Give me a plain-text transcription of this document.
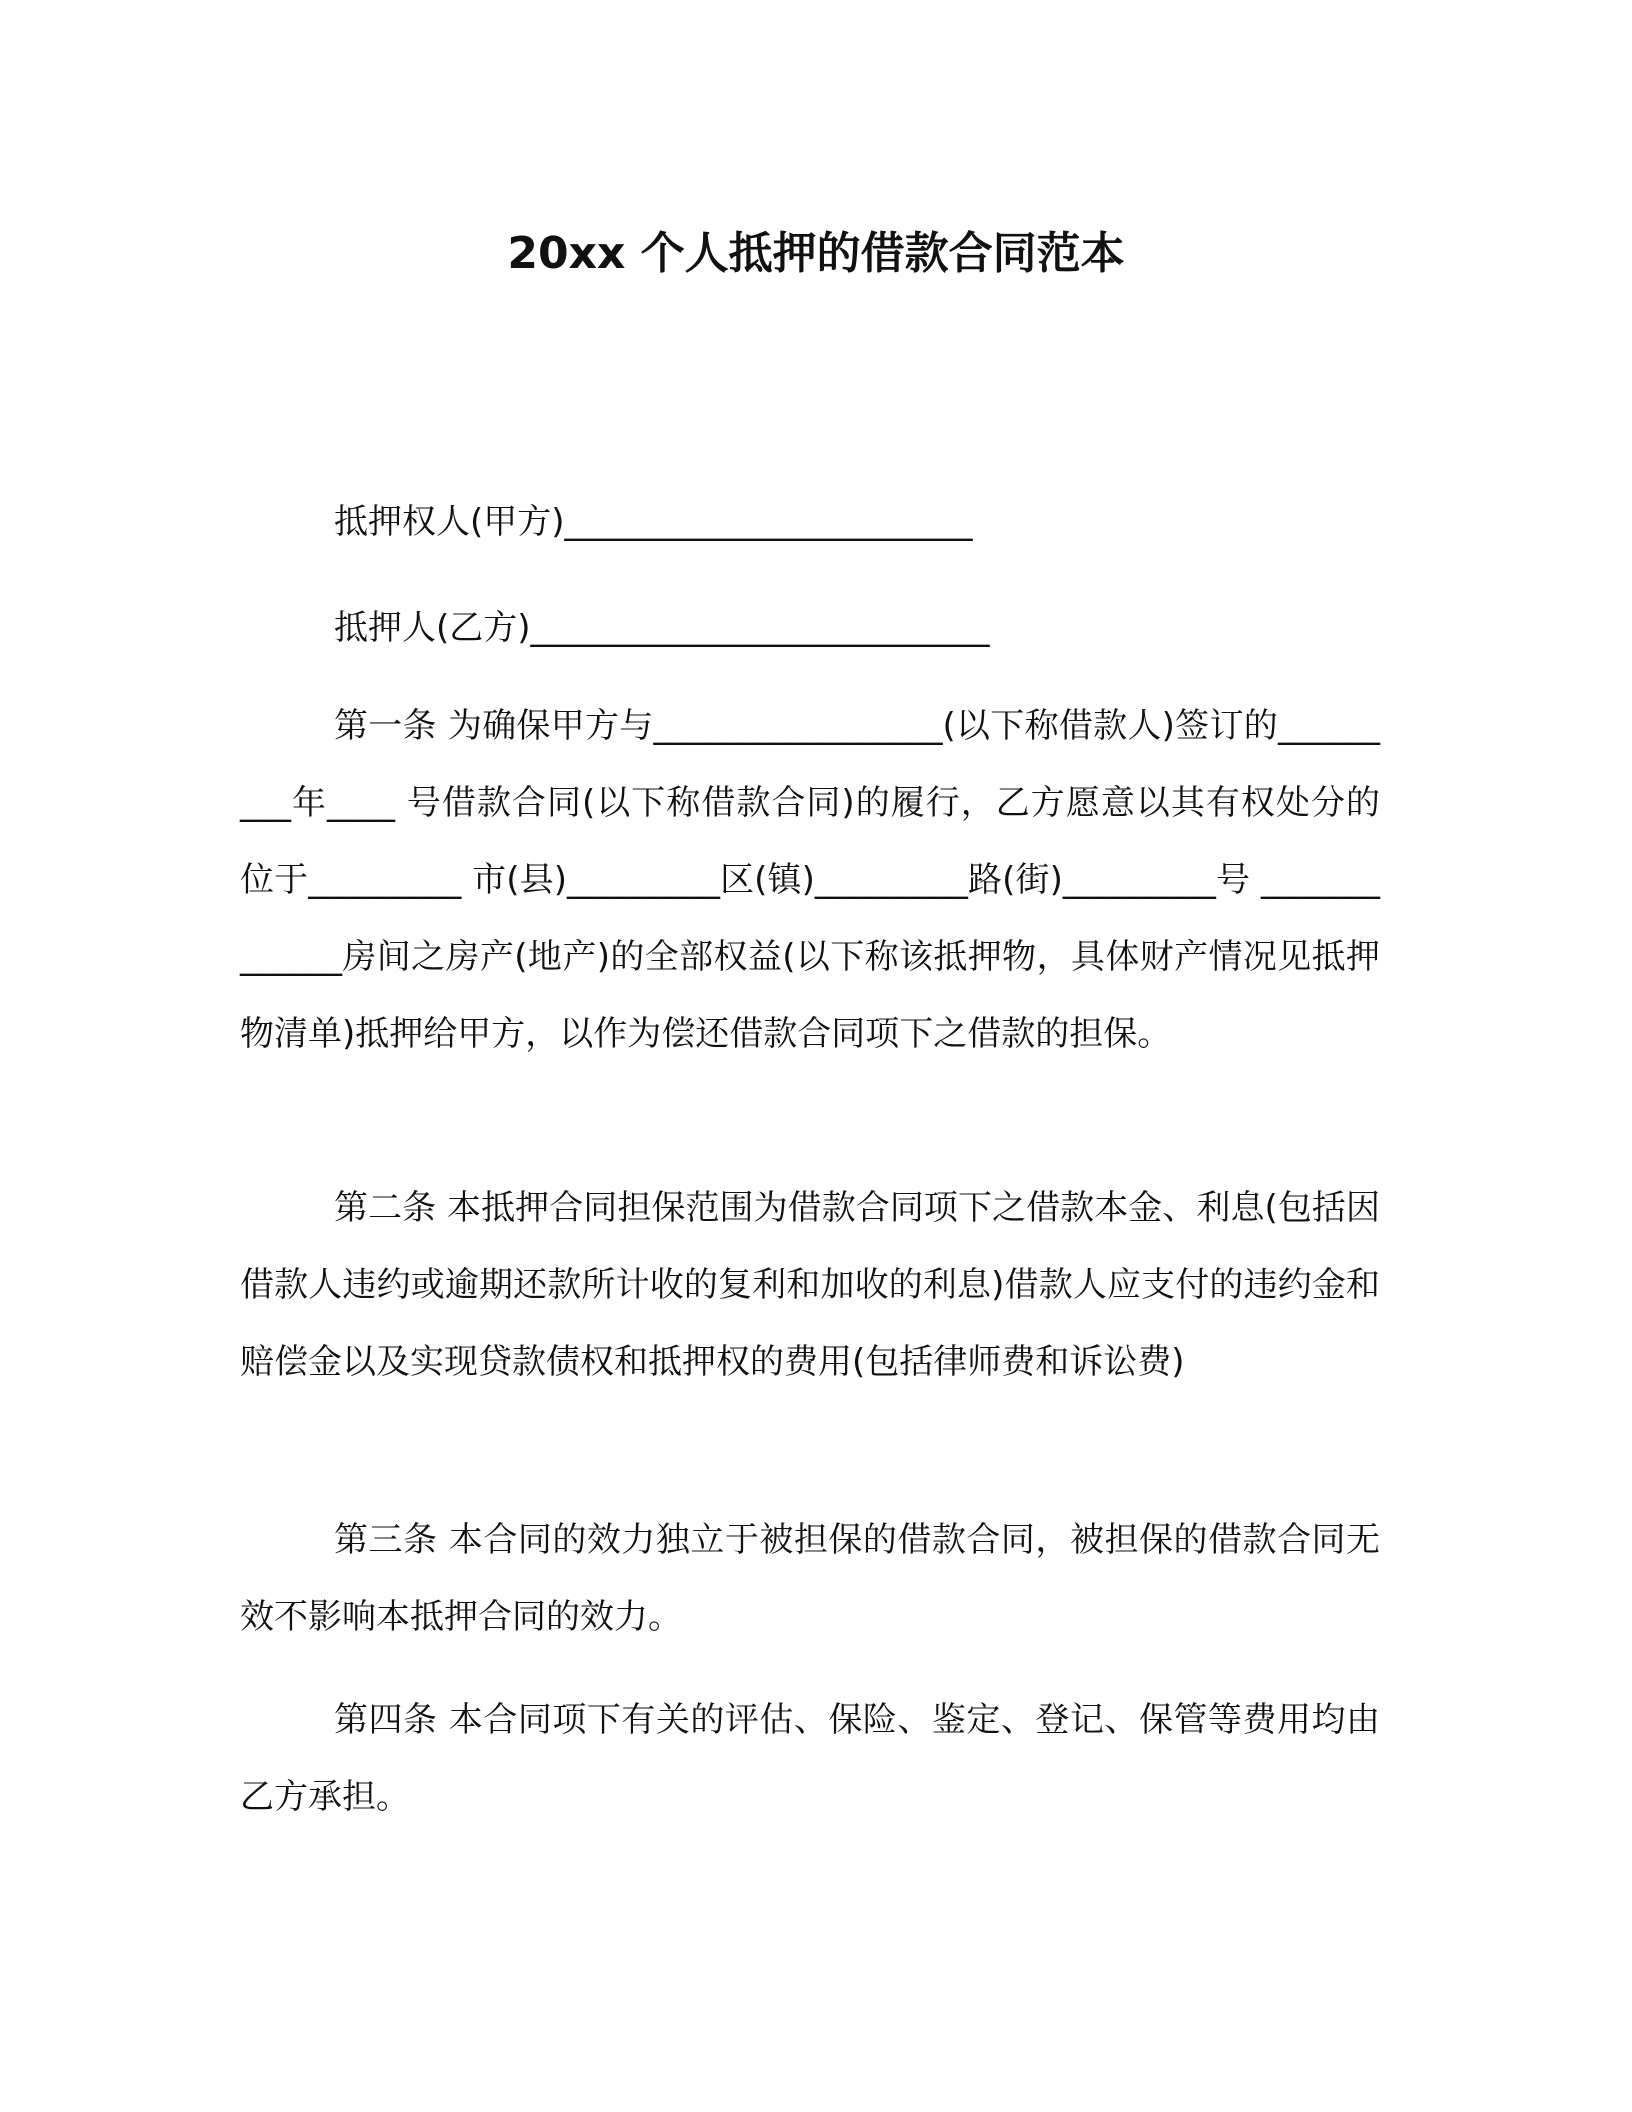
20xx 个人抵押的借款合同范本
抵押权人(甲方)________________________
抵押人(乙方)___________________________

第一条 为确保甲方与_________________(以下称借款人)签订的_________年____ 号借款合同(以下称借款合同)的履行，乙方愿意以其有权处分的位于_________ 市(县)_________区(镇)_________路(街)_________号 _____________房间之房产(地产)的全部权益(以下称该抵押物，具体财产情况见抵押物清单)抵押给甲方，以作为偿还借款合同项下之借款的担保。

第二条 本抵押合同担保范围为借款合同项下之借款本金、利息(包括因借款人违约或逾期还款所计收的复利和加收的利息)借款人应支付的违约金和赔偿金以及实现贷款债权和抵押权的费用(包括律师费和诉讼费)

第三条 本合同的效力独立于被担保的借款合同，被担保的借款合同无效不影响本抵押合同的效力。

第四条 本合同项下有关的评估、保险、鉴定、登记、保管等费用均由乙方承担。
